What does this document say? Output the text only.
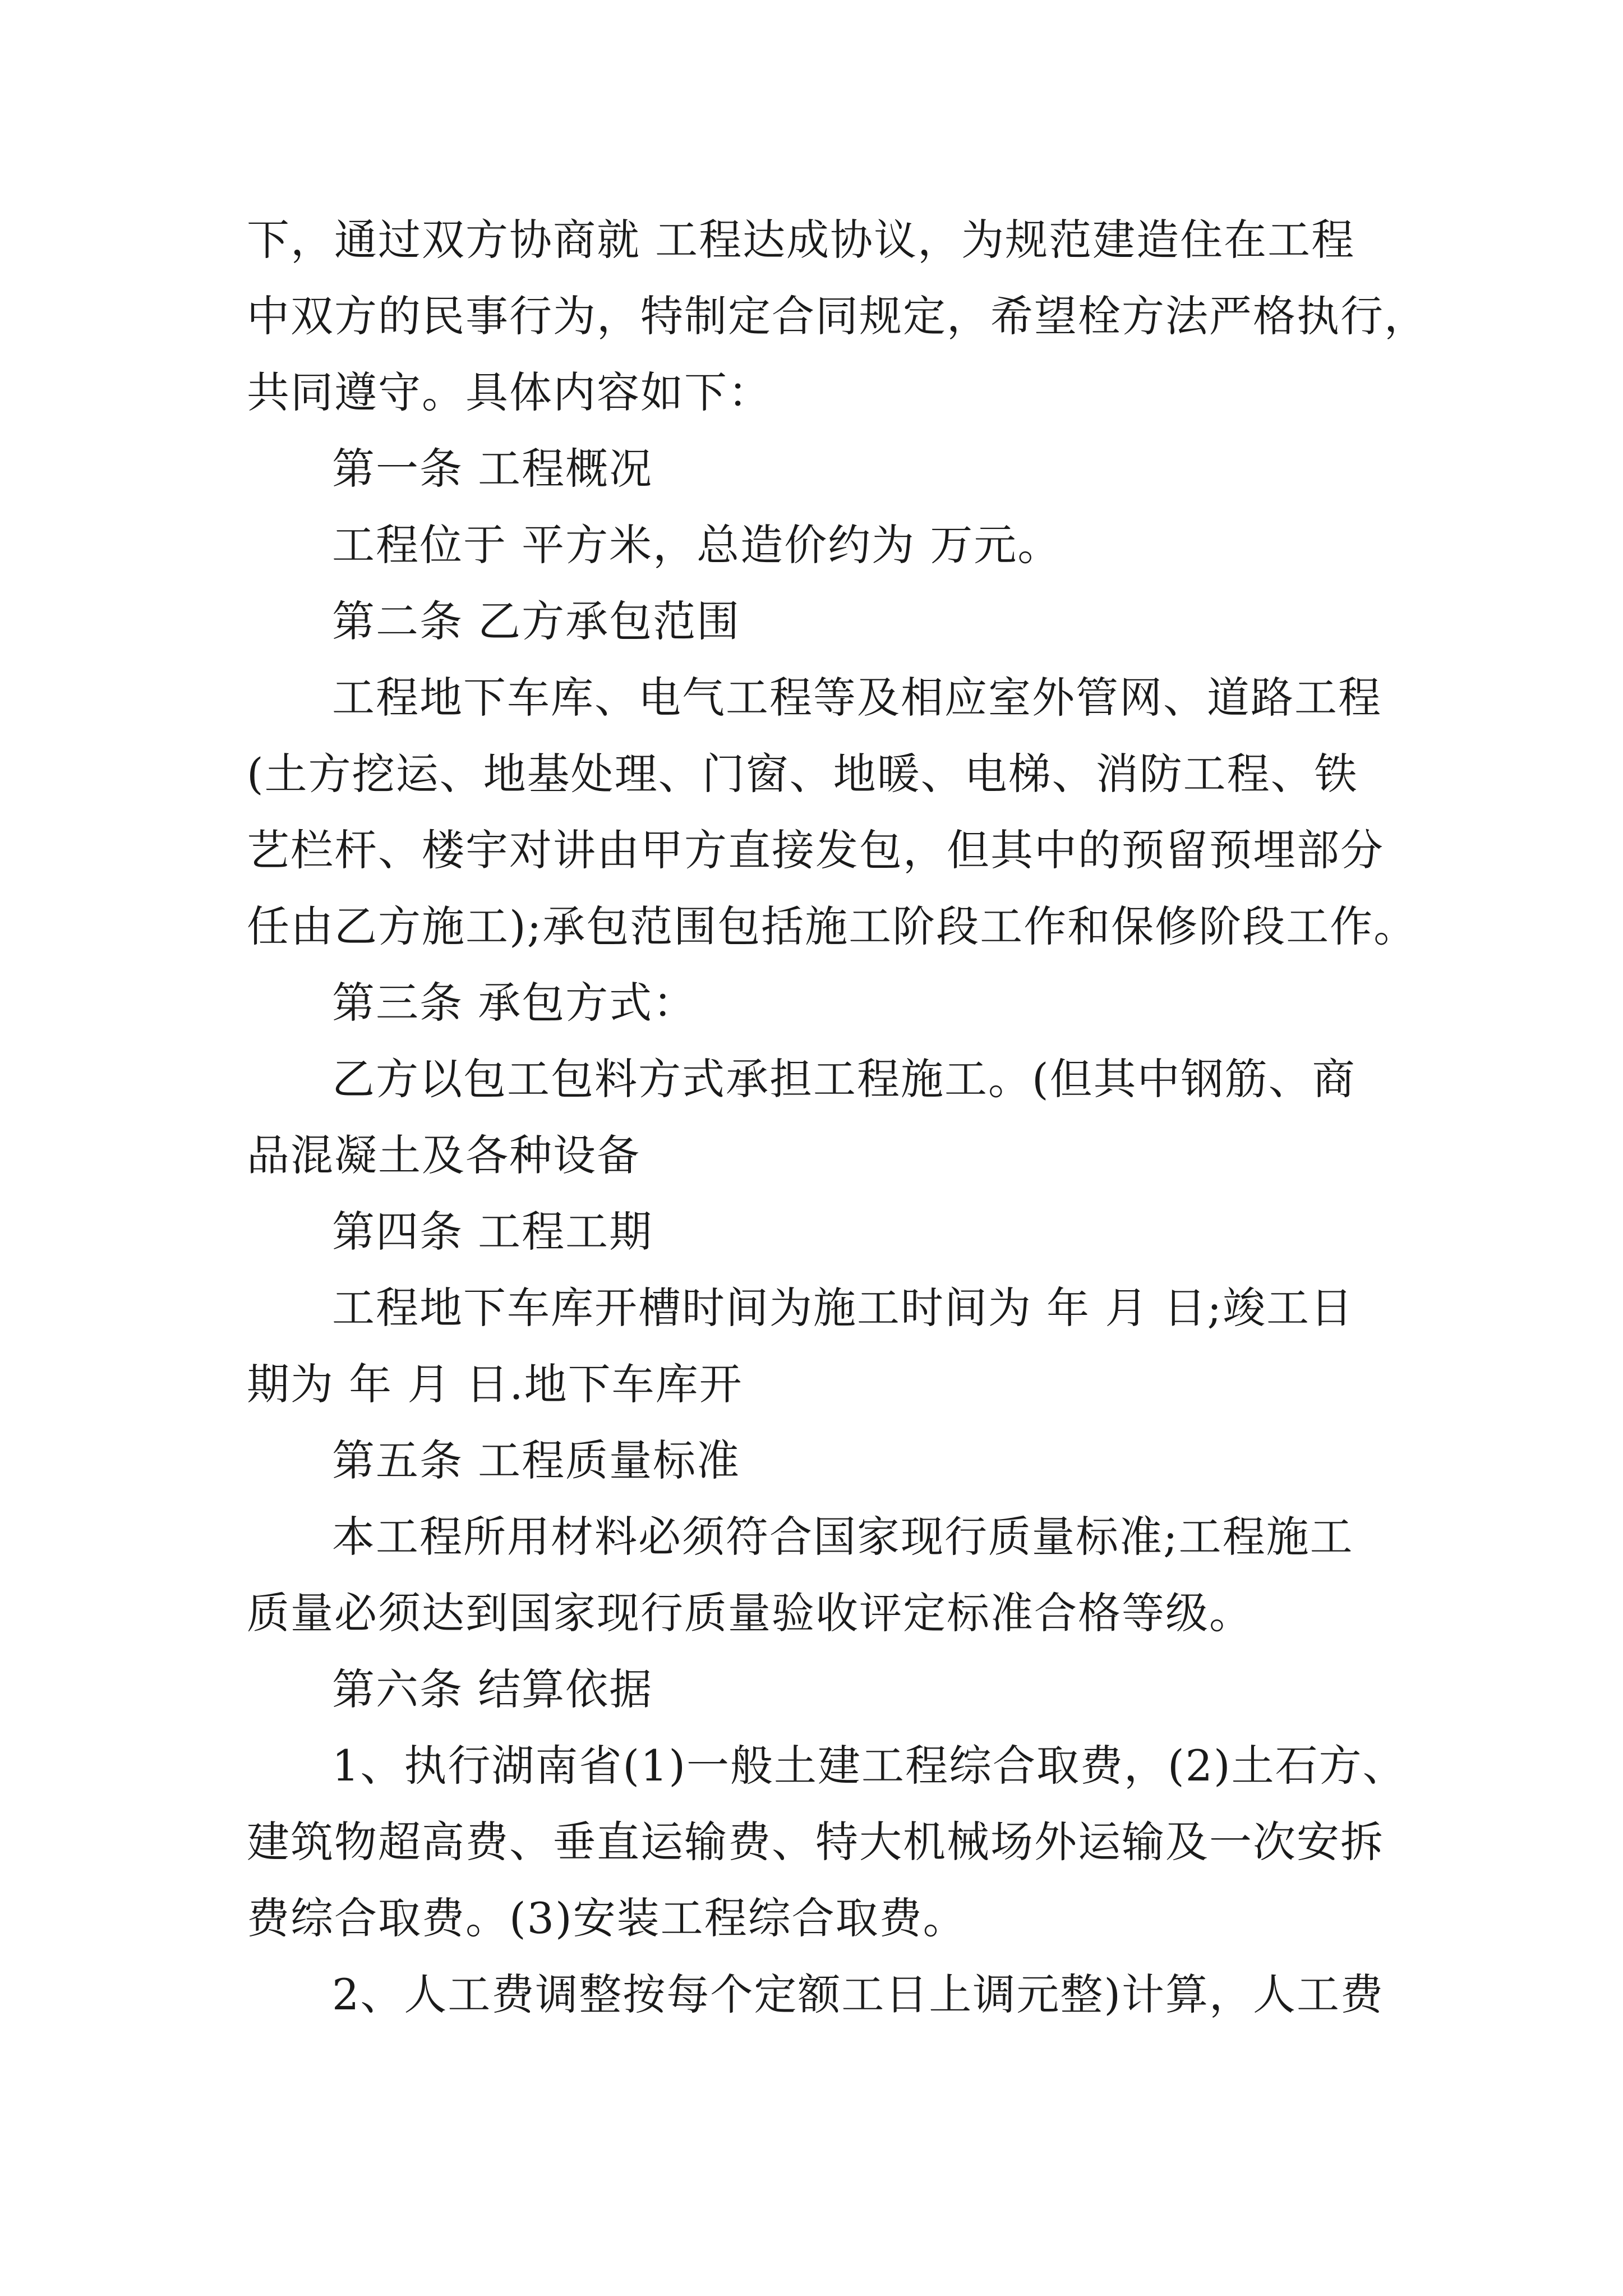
下，通过双方协商就 工程达成协议，为规范建造住在工程
中双方的民事行为，特制定合同规定，希望栓方法严格执行，
共同遵守。具体内容如下：
第一条 工程概况
工程位于 平方米，总造价约为 万元。
第二条 乙方承包范围
工程地下车库、电气工程等及相应室外管网、道路工程
(土方挖运、地基处理、门窗、地暖、电梯、消防工程、铁
艺栏杆、楼宇对讲由甲方直接发包，但其中的预留预埋部分
任由乙方施工);承包范围包括施工阶段工作和保修阶段工作。
第三条 承包方式：
乙方以包工包料方式承担工程施工。(但其中钢筋、商
品混凝土及各种设备
第四条 工程工期
工程地下车库开槽时间为施工时间为 年 月 日;竣工日
期为 年 月 日.地下车库开
第五条 工程质量标准
本工程所用材料必须符合国家现行质量标准;工程施工
质量必须达到国家现行质量验收评定标准合格等级。
第六条 结算依据
1、执行湖南省(1)一般土建工程综合取费，(2)土石方、
建筑物超高费、垂直运输费、特大机械场外运输及一次安拆
费综合取费。(3)安装工程综合取费。
2、人工费调整按每个定额工日上调元整)计算，人工费
